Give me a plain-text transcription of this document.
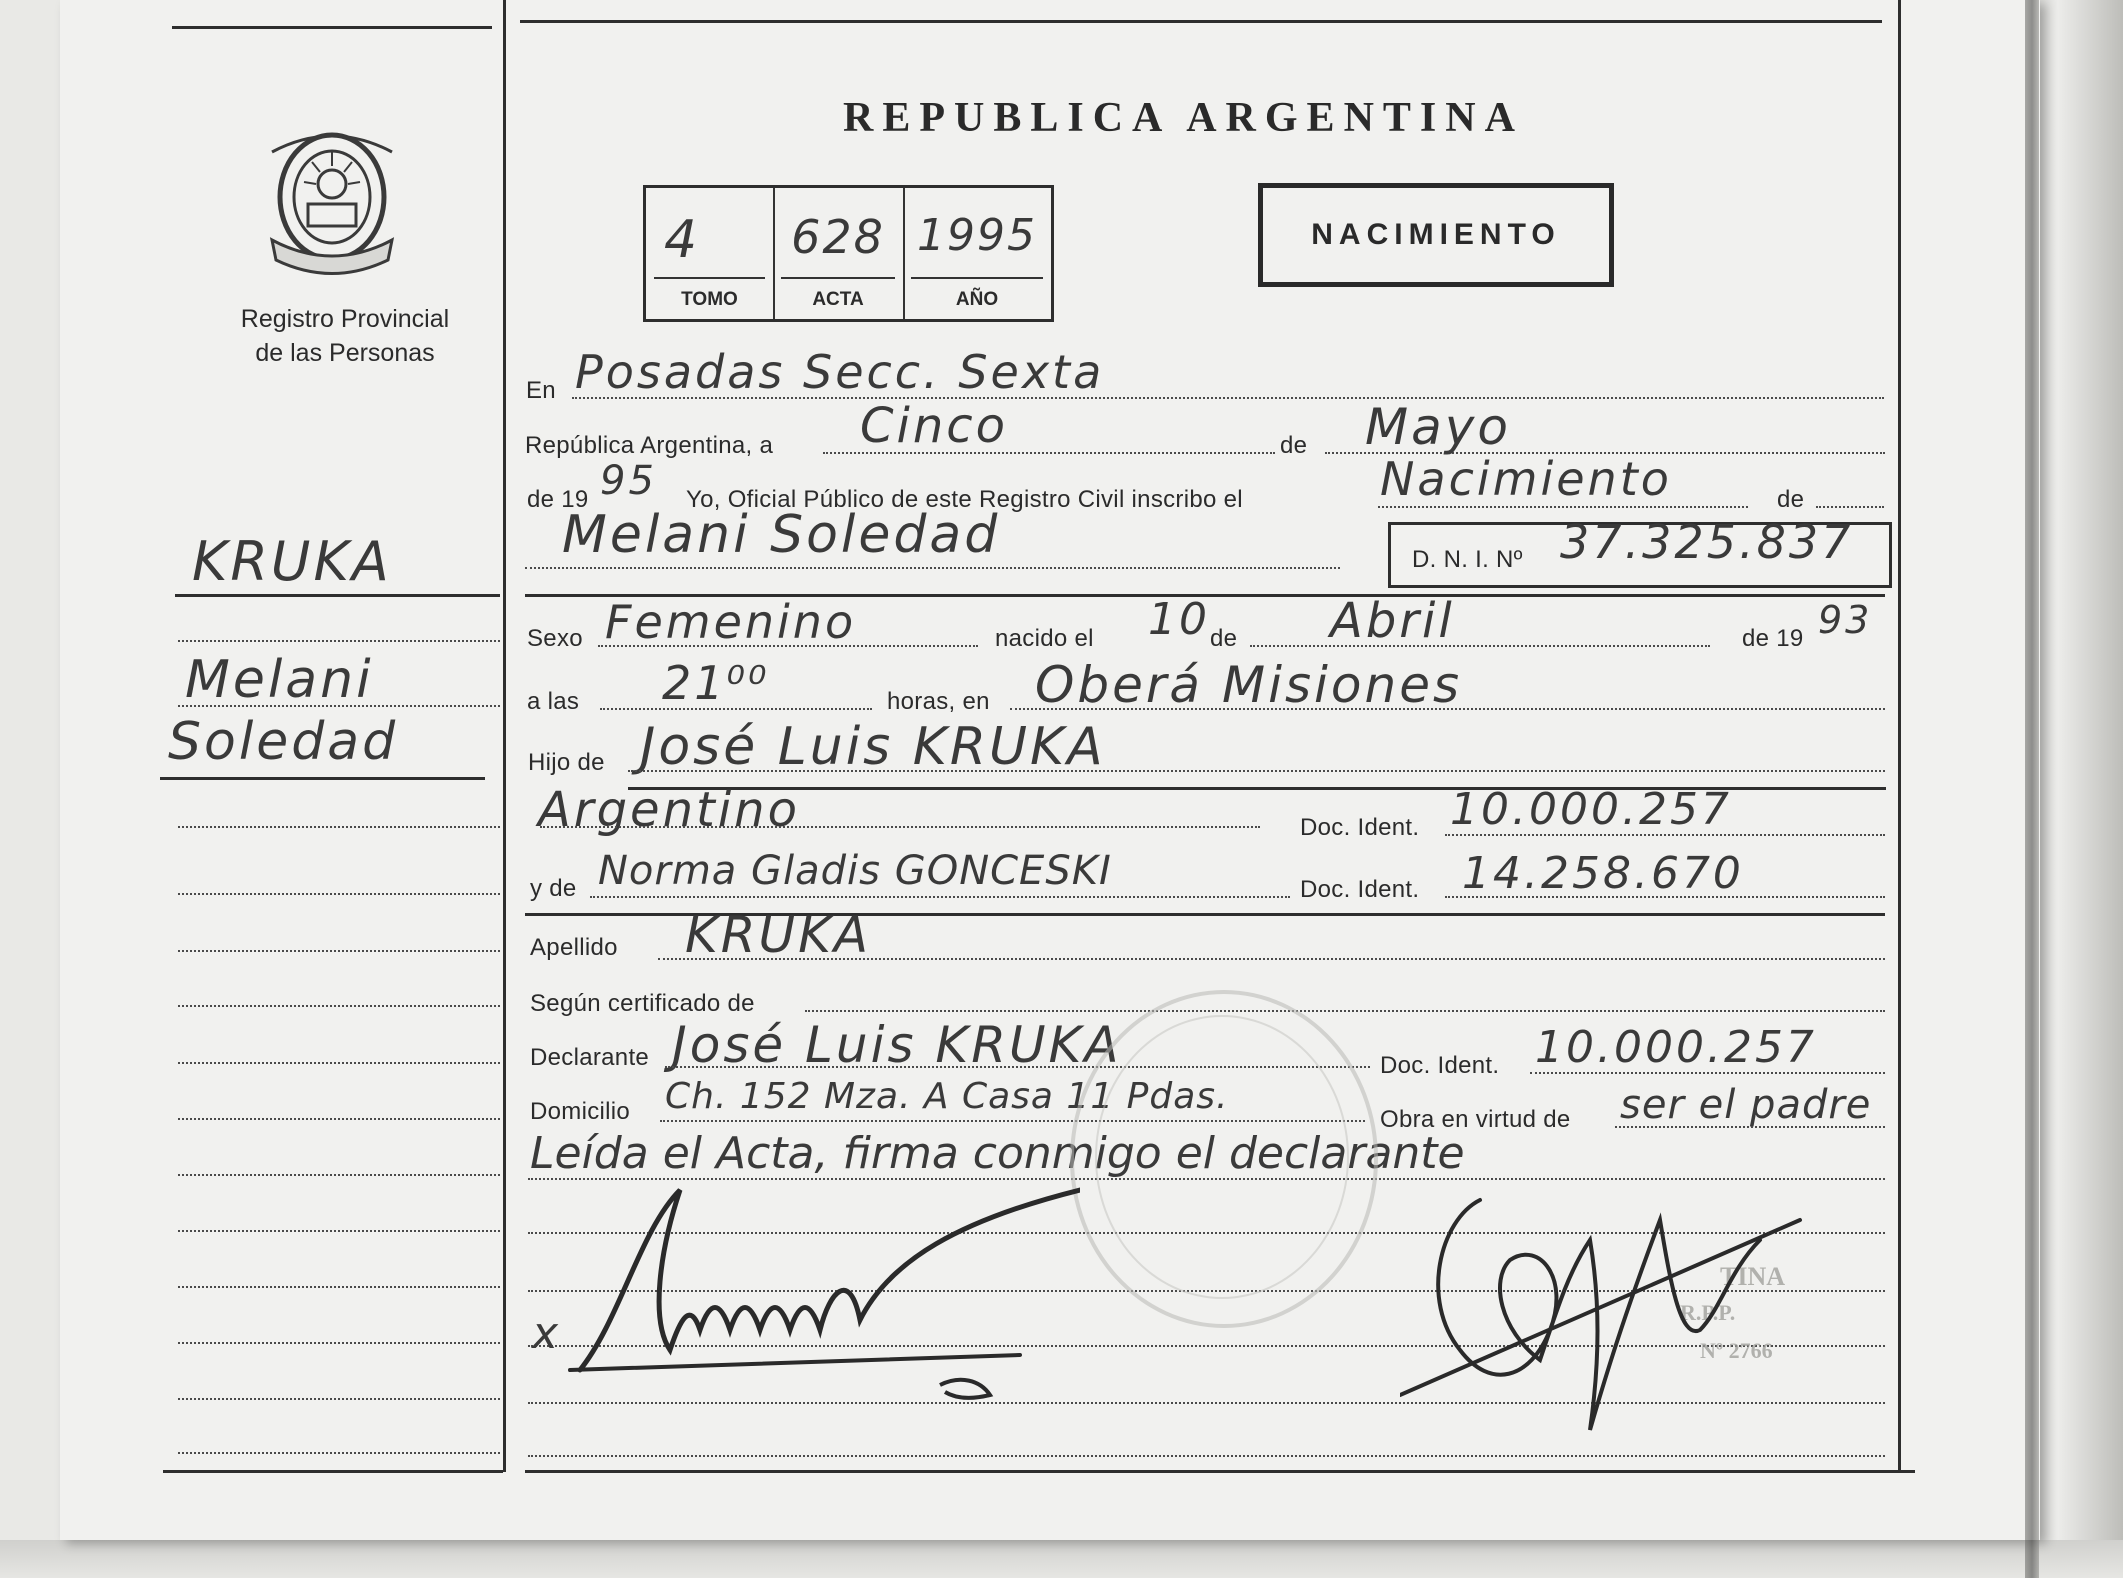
Registro Provincial
de las Personas
REPUBLICA ARGENTINA
4
TOMO
628
ACTA
1995
AÑO
NACIMIENTO
En Posadas Secc. Sexta
República Argentina, a Cinco	de Mayo
de 19 95 Yo, Oficial Público de este Registro Civil inscribo el	Nacimiento	de
Melani Soledad	D. N. I. Nº 37.325.837
Sexo Femenino	nacido el 10 de Abril	de 19 93
a las 21⁰⁰	horas, en Oberá Misiones
Hijo de José Luis KRUKA
Argentino	Doc. Ident. 10.000.257
y de Norma Gladis GONCESKI	Doc. Ident. 14.258.670
Apellido KRUKA
Según certificado de
Declarante José Luis KRUKA	Doc. Ident. 10.000.257
Domicilio Ch. 152 Mza. A Casa 11 Pdas.
Obra en virtud de ser el padre
Leída el Acta, firma conmigo el declarante
TINA
R.P.P.
Nº 2766
x
KRUKA
Melani
Soledad
